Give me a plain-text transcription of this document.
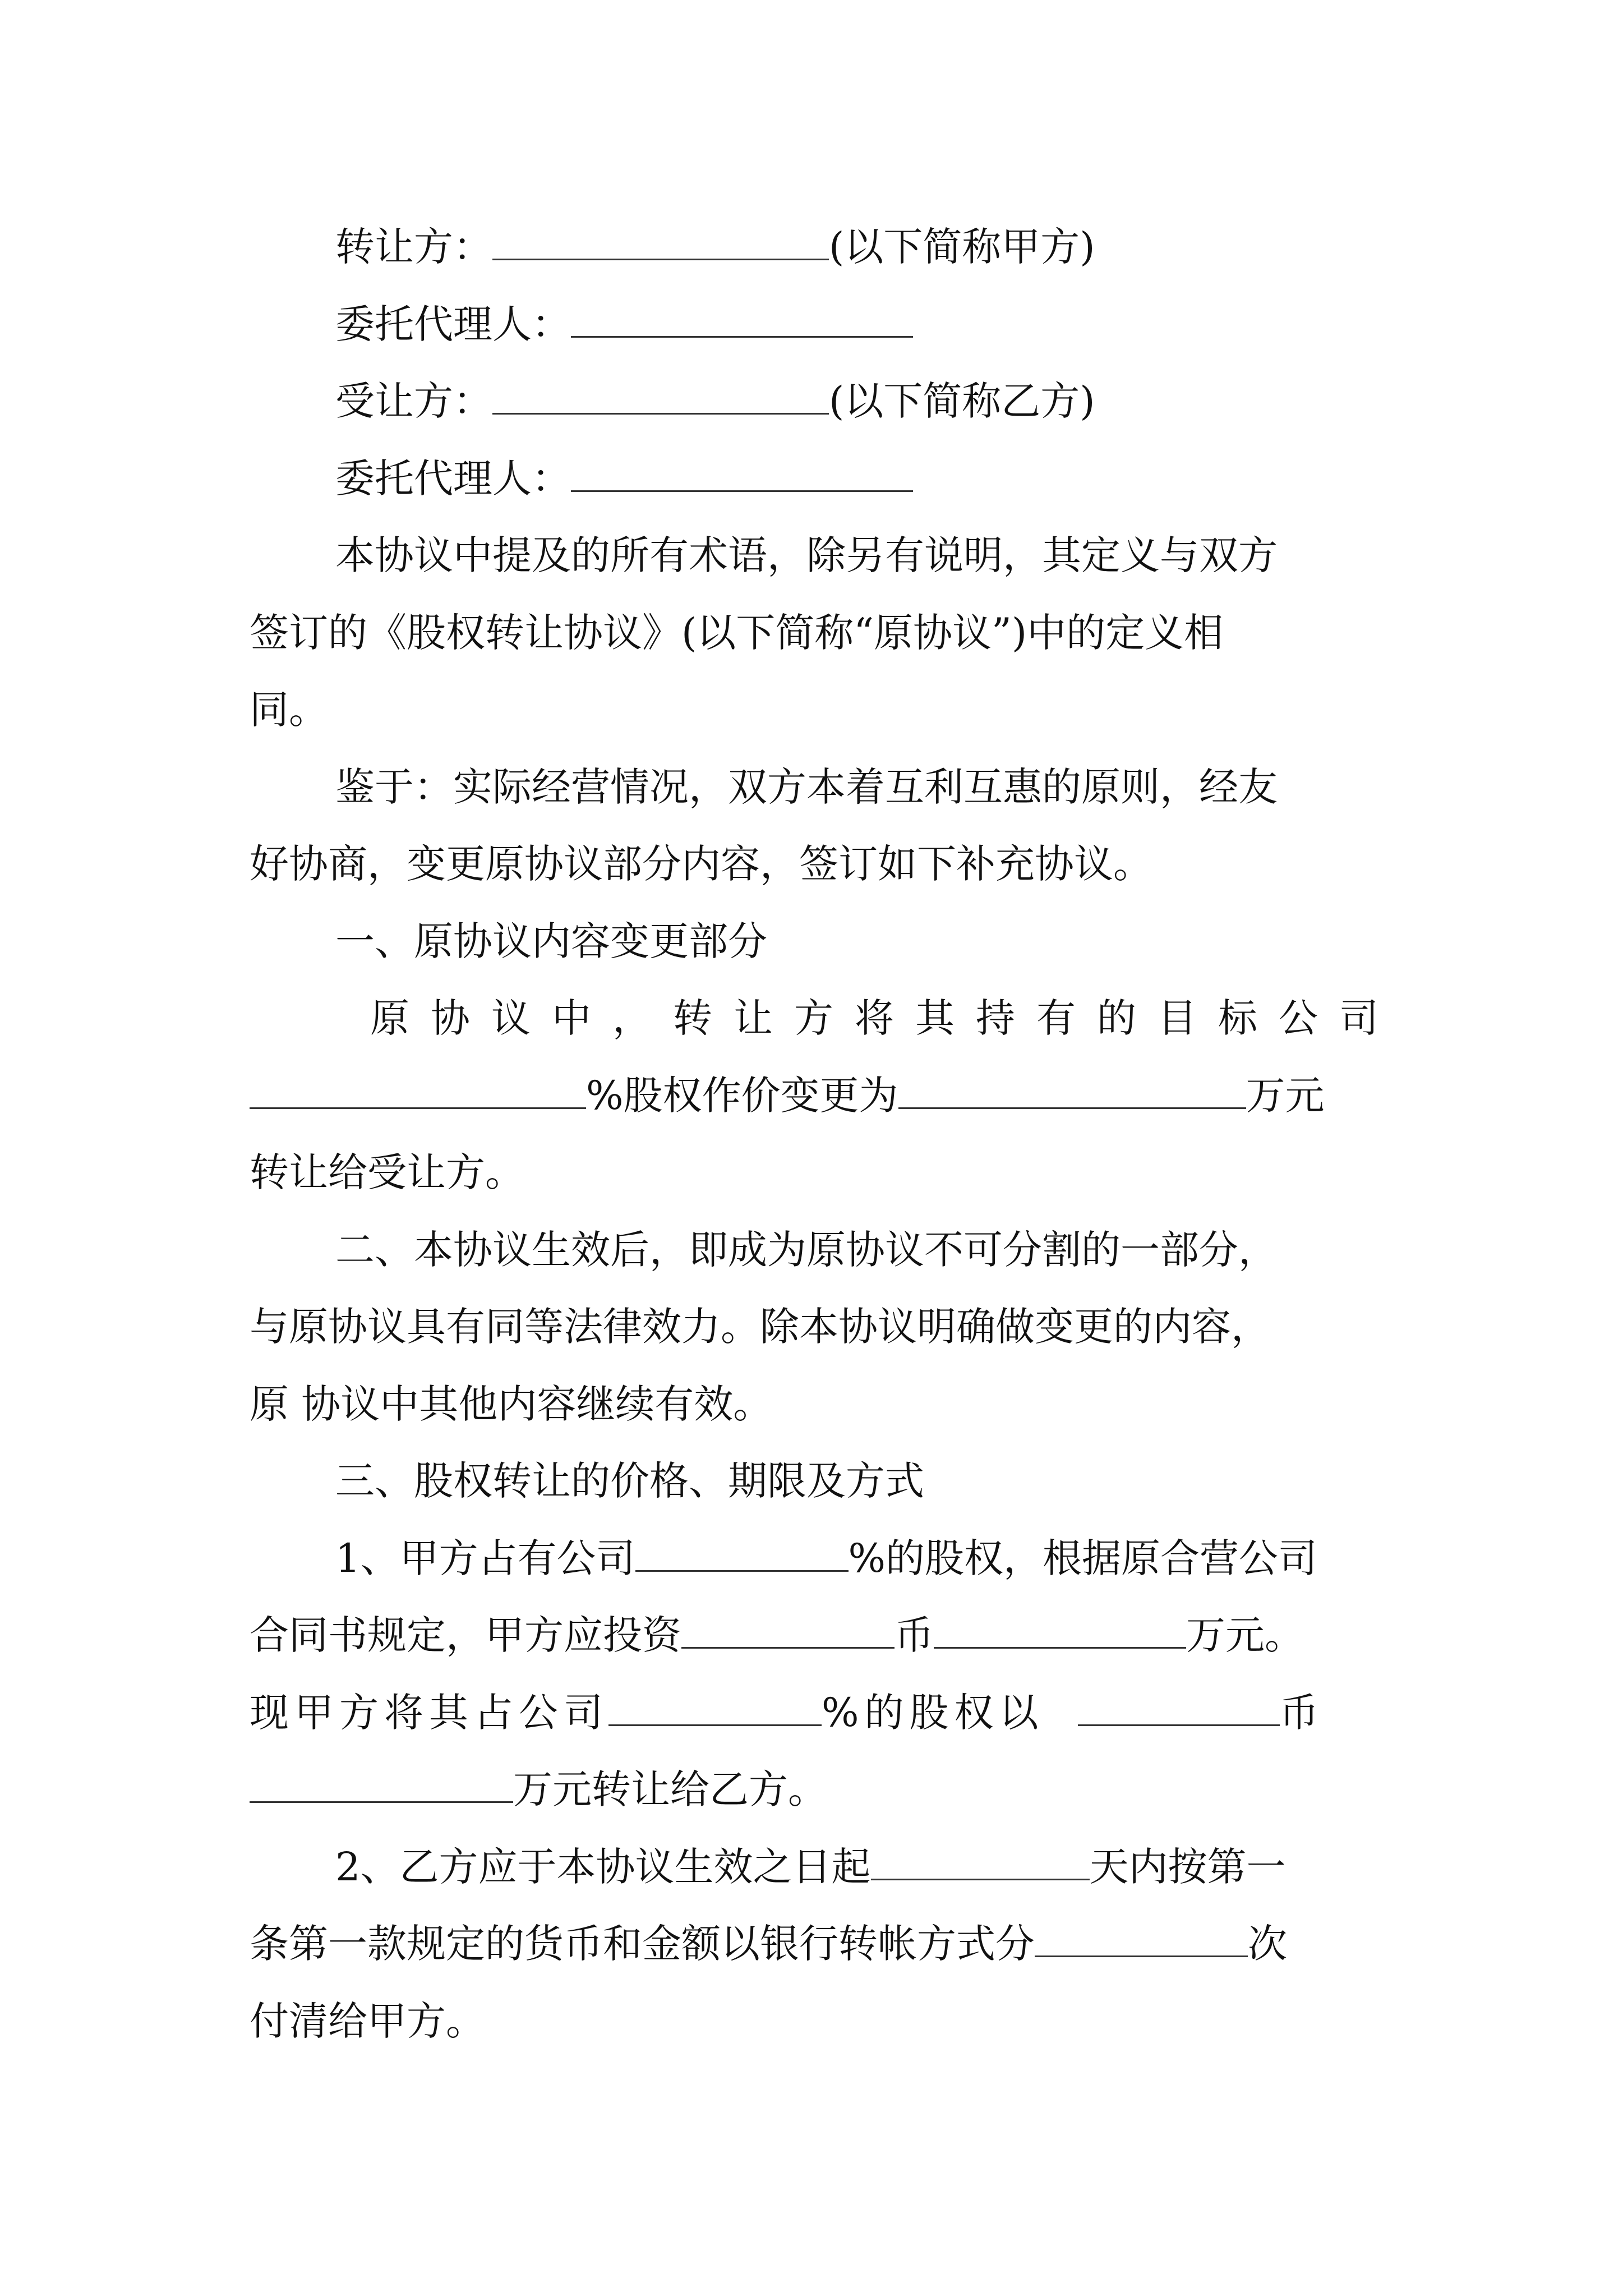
转让方：	(以下简称甲方)
委托代理人：
受让方：	(以下简称乙方)
委托代理人：
本协议中提及的所有术语，除另有说明，其定义与双方
签订的《股权转让协议》(以下简称“原协议”)中的定义相
同。
鉴于：实际经营情况，双方本着互利互惠的原则，经友
好协商，变更原协议部分内容，签订如下补充协议。
一、原协议内容变更部分
原协议中，转让方将其持有的目标公司
%股权作价变更为	万元
转让给受让方。
二、本协议生效后，即成为原协议不可分割的一部分，
与原协议具有同等法律效力。除本协议明确做变更的内容，
原 协议中其他内容继续有效。
三、股权转让的价格、期限及方式
1、甲方占有公司	%的股权，根据原合营公司
合同书规定，甲方应投资	币	万元。
现甲方将其占公司	%的股权以	币
万元转让给乙方。
2、乙方应于本协议生效之日起	天内按第一
条第一款规定的货币和金额以银行转帐方式分	次
付清给甲方。
